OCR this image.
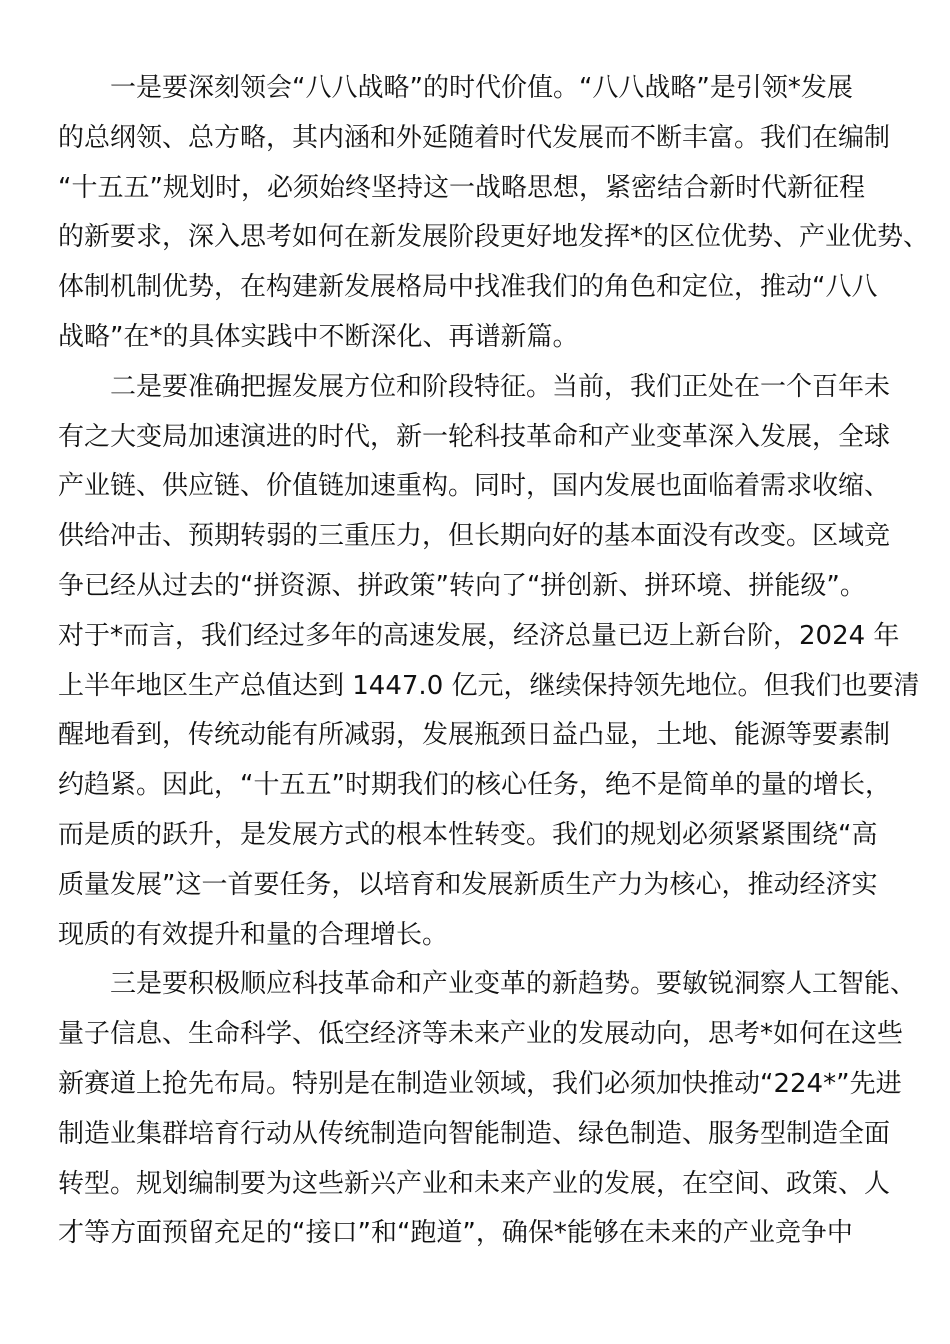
一是要深刻领会“八八战略”的时代价值。“八八战略”是引领*发展
的总纲领、总方略，其内涵和外延随着时代发展而不断丰富。我们在编制
“十五五”规划时，必须始终坚持这一战略思想，紧密结合新时代新征程
的新要求，深入思考如何在新发展阶段更好地发挥*的区位优势、产业优势、
体制机制优势，在构建新发展格局中找准我们的角色和定位，推动“八八
战略”在*的具体实践中不断深化、再谱新篇。
二是要准确把握发展方位和阶段特征。当前，我们正处在一个百年未
有之大变局加速演进的时代，新一轮科技革命和产业变革深入发展，全球
产业链、供应链、价值链加速重构。同时，国内发展也面临着需求收缩、
供给冲击、预期转弱的三重压力，但长期向好的基本面没有改变。区域竞
争已经从过去的“拼资源、拼政策”转向了“拼创新、拼环境、拼能级”。
对于*而言，我们经过多年的高速发展，经济总量已迈上新台阶，2024 年
上半年地区生产总值达到 1447.0 亿元，继续保持领先地位。但我们也要清
醒地看到，传统动能有所减弱，发展瓶颈日益凸显，土地、能源等要素制
约趋紧。因此，“十五五”时期我们的核心任务，绝不是简单的量的增长，
而是质的跃升，是发展方式的根本性转变。我们的规划必须紧紧围绕“高
质量发展”这一首要任务，以培育和发展新质生产力为核心，推动经济实
现质的有效提升和量的合理增长。
三是要积极顺应科技革命和产业变革的新趋势。要敏锐洞察人工智能、
量子信息、生命科学、低空经济等未来产业的发展动向，思考*如何在这些
新赛道上抢先布局。特别是在制造业领域，我们必须加快推动“224*”先进
制造业集群培育行动从传统制造向智能制造、绿色制造、服务型制造全面
转型。规划编制要为这些新兴产业和未来产业的发展，在空间、政策、人
才等方面预留充足的“接口”和“跑道”，确保*能够在未来的产业竞争中
